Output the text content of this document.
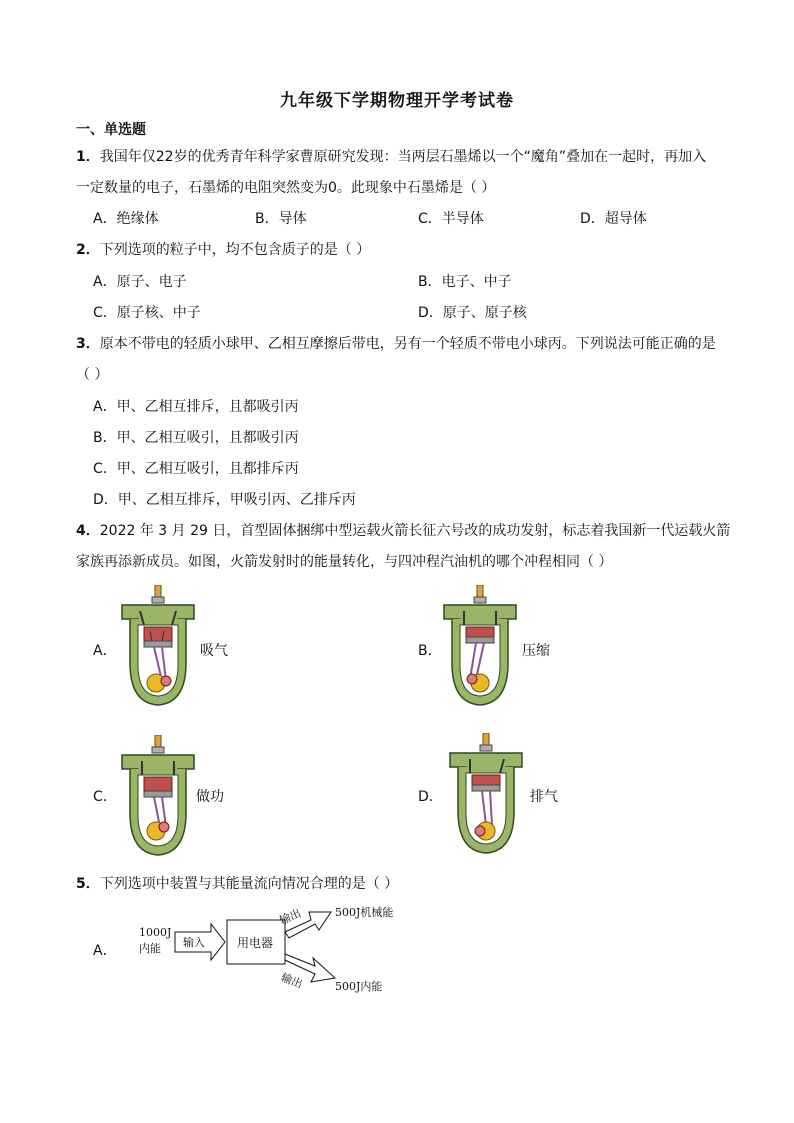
九年级下学期物理开学考试卷
一、单选题
1．我国年仅22岁的优秀青年科学家曹原研究发现：当两层石墨烯以一个“魔角”叠加在一起时，再加入
一定数量的电子，石墨烯的电阻突然变为0。此现象中石墨烯是（ ）
A．绝缘体	B．导体	C．半导体	D．超导体
2．下列选项的粒子中，均不包含质子的是（ ）
A．原子、电子	B．电子、中子
C．原子核、中子	D．原子、原子核
3．原本不带电的轻质小球甲、乙相互摩擦后带电，另有一个轻质不带电小球丙。下列说法可能正确的是
（ ）
A．甲、乙相互排斥，且都吸引丙
B．甲、乙相互吸引，且都吸引丙
C．甲、乙相互吸引，且都排斥丙
D．甲、乙相互排斥，甲吸引丙、乙排斥丙
4．2022 年 3 月 29 日，首型固体捆绑中型运载火箭长征六号改的成功发射，标志着我国新一代运载火箭
家族再添新成员。如图，火箭发射时的能量转化，与四冲程汽油机的哪个冲程相同（ ）
A．	吸气	B．	压缩
C．	做功	D．	排气
5．下列选项中装置与其能量流向情况合理的是（ ）
A．
1000J
内能 输入	用电器
输出
输出
500J机械能
500J内能
